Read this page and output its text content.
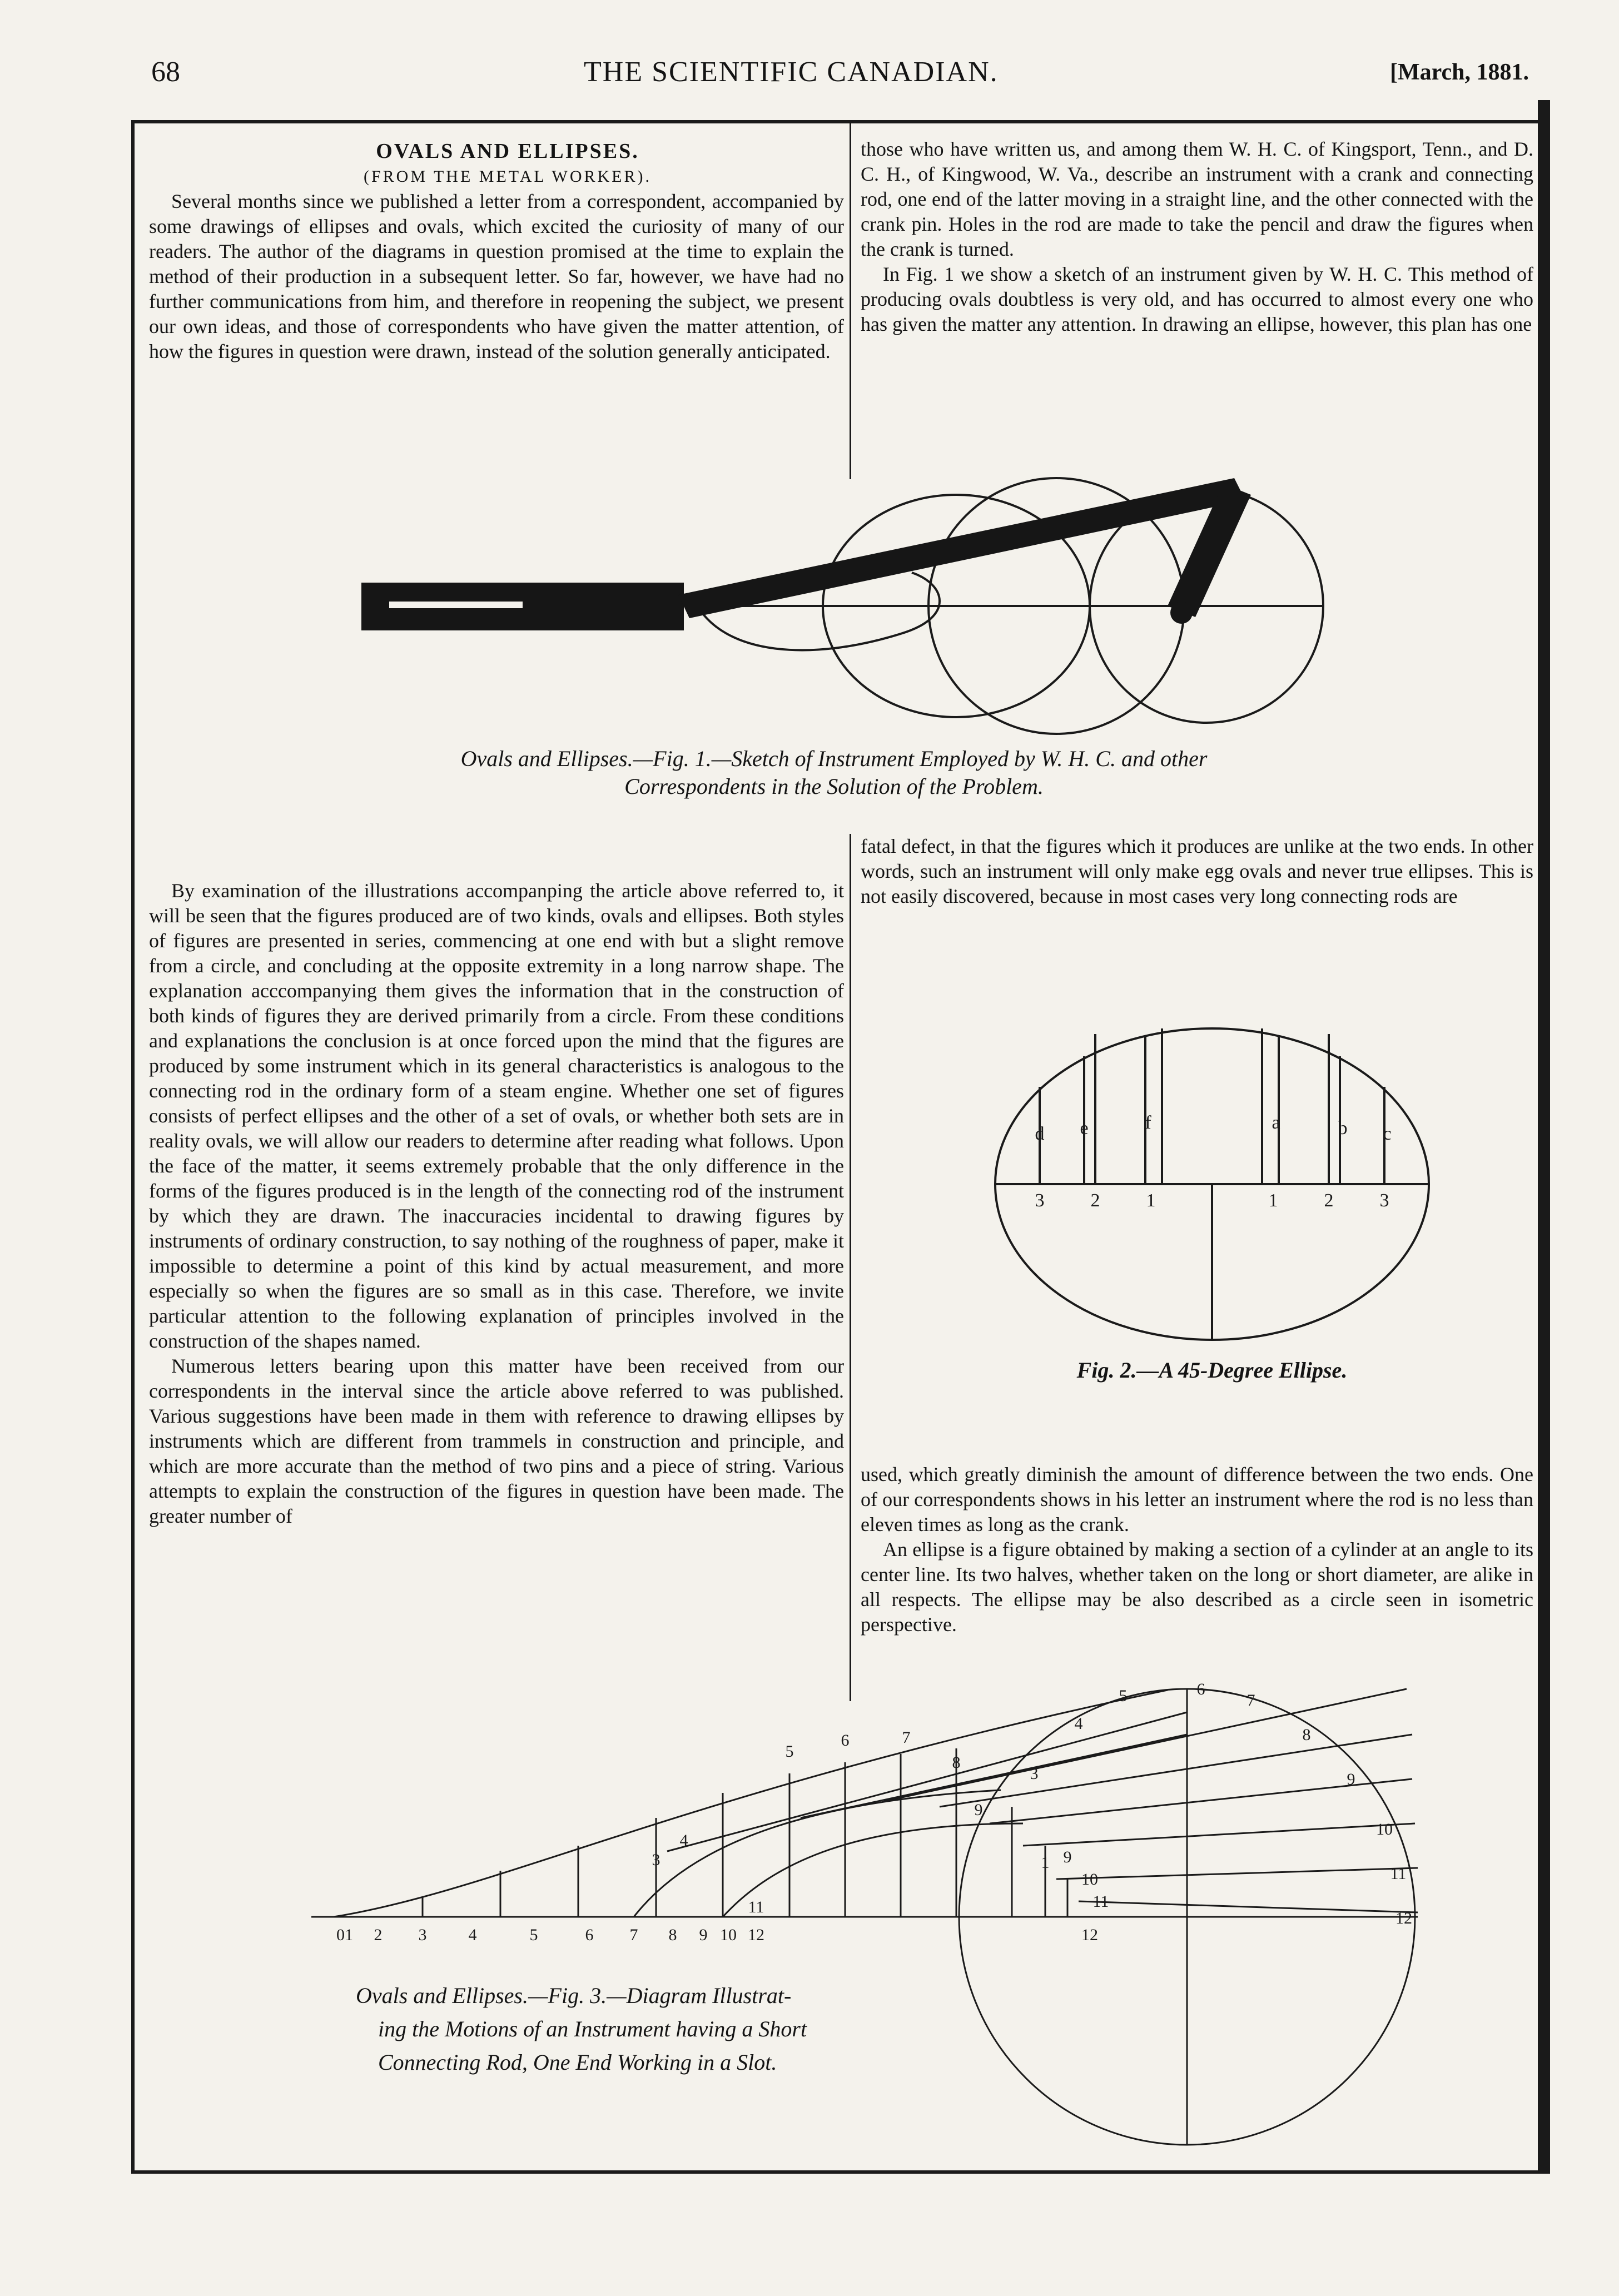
68	THE SCIENTIFIC CANADIAN.	[March, 1881.

OVALS AND ELLIPSES.

(FROM THE METAL WORKER).

Several months since we published a letter from a correspondent, accompanied by some drawings of ellipses and ovals, which excited the curiosity of many of our readers. The author of the diagrams in question promised at the time to explain the method of their production in a subsequent letter. So far, however, we have had no further communications from him, and therefore in reopening the subject, we present our own ideas, and those of correspondents who have given the matter attention, of how the figures in question were drawn, instead of the solution generally anticipated.

those who have written us, and among them W. H. C. of Kingsport, Tenn., and D. C. H., of Kingwood, W. Va., describe an instrument with a crank and connecting rod, one end of the latter moving in a straight line, and the other connected with the crank pin. Holes in the rod are made to take the pencil and draw the figures when the crank is turned.

In Fig. 1 we show a sketch of an instrument given by W. H. C. This method of producing ovals doubtless is very old, and has occurred to almost every one who has given the matter any attention. In drawing an ellipse, however, this plan has one

Ovals and Ellipses.—Fig. 1.—Sketch of Instrument Employed by W. H. C. and other
Correspondents in the Solution of the Problem.

By examination of the illustrations accompanping the article above referred to, it will be seen that the figures produced are of two kinds, ovals and ellipses. Both styles of figures are presented in series, commencing at one end with but a slight remove from a circle, and concluding at the opposite extremity in a long narrow shape. The explanation acccompanying them gives the information that in the construction of both kinds of figures they are derived primarily from a circle. From these conditions and explanations the conclusion is at once forced upon the mind that the figures are produced by some instrument which in its general characteristics is analogous to the connecting rod in the ordinary form of a steam engine. Whether one set of figures consists of perfect ellipses and the other of a set of ovals, or whether both sets are in reality ovals, we will allow our readers to determine after reading what follows. Upon the face of the matter, it seems extremely probable that the only difference in the forms of the figures produced is in the length of the connecting rod of the instrument by which they are drawn. The inaccuracies incidental to drawing figures by instruments of ordinary construction, to say nothing of the roughness of paper, make it impossible to determine a point of this kind by actual measurement, and more especially so when the figures are so small as in this case. Therefore, we invite particular attention to the following explanation of principles involved in the construction of the shapes named.

Numerous letters bearing upon this matter have been received from our correspondents in the interval since the article above referred to was published. Various suggestions have been made in them with reference to drawing ellipses by instruments which are different from trammels in construction and principle, and which are more accurate than the method of two pins and a piece of string. Various attempts to explain the construction of the figures in question have been made. The greater number of

fatal defect, in that the figures which it produces are unlike at the two ends. In other words, such an instrument will only make egg ovals and never true ellipses. This is not easily discovered, because in most cases very long connecting rods are

d e	f	a	b c
3 2 1	1 2 3
Fig. 2.—A 45-Degree Ellipse.

used, which greatly diminish the amount of difference between the two ends. One of our correspondents shows in his letter an instrument where the rod is no less than eleven times as long as the crank.

An ellipse is a figure obtained by making a section of a cylinder at an angle to its center line. Its two halves, whether taken on the long or short diameter, are alike in all respects. The ellipse may be also described as a circle seen in isometric perspective.

01 2 3	4	5	6 7 8 9 10 12
3
4
5
6	7
8
9
1
11
5	6
7
8
9
10
11
12
4
3
9
10
11
12
Ovals and Ellipses.—Fig. 3.—Diagram Illustrat-
ing the Motions of an Instrument having a Short
Connecting Rod, One End Working in a Slot.
